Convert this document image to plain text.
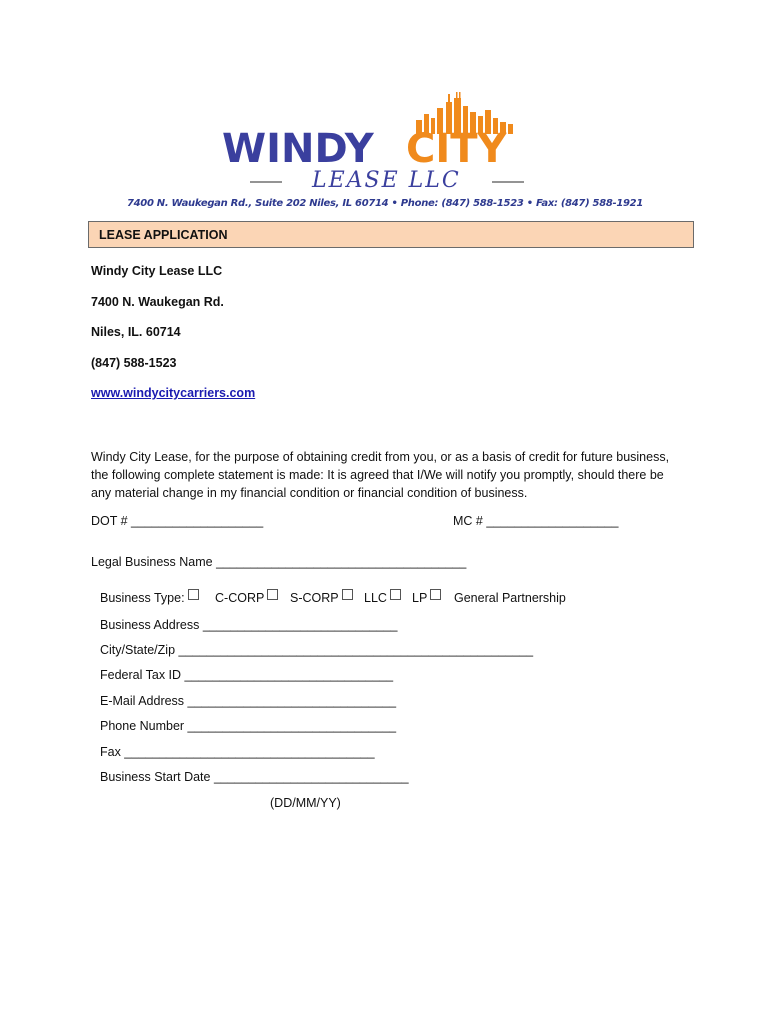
WINDY CITY
LEASE LLC
7400 N. Waukegan Rd., Suite 202 Niles, IL 60714 • Phone: (847) 588-1523 • Fax: (847) 588-1921
LEASE APPLICATION
Windy City Lease LLC
7400 N. Waukegan Rd.
Niles, IL. 60714
(847) 588-1523
www.windycitycarriers.com
Windy City Lease, for the purpose of obtaining credit from you, or as a basis of credit for future business, the following complete statement is made: It is agreed that I/We will notify you promptly, should there be any material change in my financial condition or financial condition of business.
DOT # ___________________	MC # ___________________
Legal Business Name ____________________________________
Business Type: C-CORP S-CORP LLC LP General Partnership
Business Address ____________________________
City/State/Zip ___________________________________________________
Federal Tax ID ______________________________
E-Mail Address ______________________________
Phone Number ______________________________
Fax ____________________________________
Business Start Date ____________________________
(DD/MM/YY)
